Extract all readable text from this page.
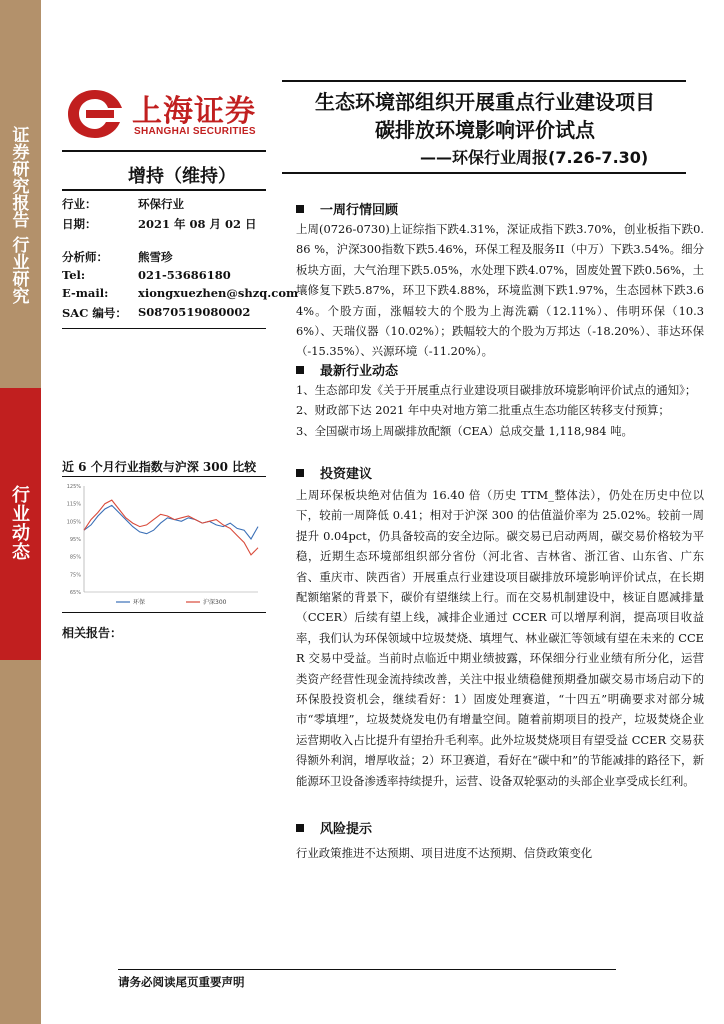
证
券
研
究
报
告
行
业
研
究
行
业
动
态
上海证券
SHANGHAI SECURITIES
生态环境部组织开展重点行业建设项目
碳排放环境影响评价试点
——环保行业周报(7.26-7.30)
增持（维持）
行业：	环保行业
日期：	2021 年 08 月 02 日
分析师：	熊雪珍
Tel:	021-53686180
E-mail:	xiongxuezhen@shzq.com
SAC 编号： S0870519080002
近 6 个月行业指数与沪深 300 比较
125%
115%
105%
95%
85%
75%
65%
环保	沪深300
相关报告：
一周行情回顾
上周(0726-0730)上证综指下跌4.31%，深证成指下跌3.70%，创业板指下跌0.86 %，沪深300指数下跌5.46%，环保工程及服务II（中万）下跌3.54%。细分板块方面，大气治理下跌5.05%，水处理下跌4.07%，固废处置下跌0.56%，土壤修复下跌5.87%，环卫下跌4.88%，环境监测下跌1.97%，生态园林下跌3.64%。个股方面，涨幅较大的个股为上海洗霸（12.11%）、伟明环保（10.36%）、天瑞仪器（10.02%）；跌幅较大的个股为万邦达（-18.20%）、菲达环保（-15.35%）、兴源环境（-11.20%）。
最新行业动态
1、生态部印发《关于开展重点行业建设项目碳排放环境影响评价试点的通知》；
2、财政部下达 2021 年中央对地方第二批重点生态功能区转移支付预算；
3、全国碳市场上周碳排放配额（CEA）总成交量 1,118,984 吨。
投资建议
上周环保板块绝对估值为 16.40 倍（历史 TTM_整体法），仍处在历史中位以下，较前一周降低 0.41；相对于沪深 300 的估值溢价率为 25.02%。较前一周提升 0.04pct，仍具备较高的安全边际。碳交易已启动两周，碳交易价格较为平稳，近期生态环境部组织部分省份（河北省、吉林省、浙江省、山东省、广东省、重庆市、陕西省）开展重点行业建设项目碳排放环境影响评价试点，在长期配额缩紧的背景下，碳价有望继续上行。而在交易机制建设中，核证自愿减排量（CCER）后续有望上线，减排企业通过 CCER 可以增厚利润，提高项目收益率，我们认为环保领域中垃圾焚烧、填埋气、林业碳汇等领域有望在未来的 CCER 交易中受益。当前时点临近中期业绩披露，环保细分行业业绩有所分化，运营类资产经营性现金流持续改善，关注中报业绩稳健预期叠加碳交易市场启动下的环保股投资机会，继续看好：1）固废处理赛道，“十四五”明确要求对部分城市“零填埋”，垃圾焚烧发电仍有增量空间。随着前期项目的投产，垃圾焚烧企业运营期收入占比提升有望抬升毛利率。此外垃圾焚烧项目有望受益 CCER 交易获得额外利润，增厚收益；2）环卫赛道，看好在“碳中和”的节能减排的路径下，新能源环卫设备渗透率持续提升，运营、设备双轮驱动的头部企业享受成长红利。
风险提示
行业政策推进不达预期、项目进度不达预期、信贷政策变化
请务必阅读尾页重要声明
